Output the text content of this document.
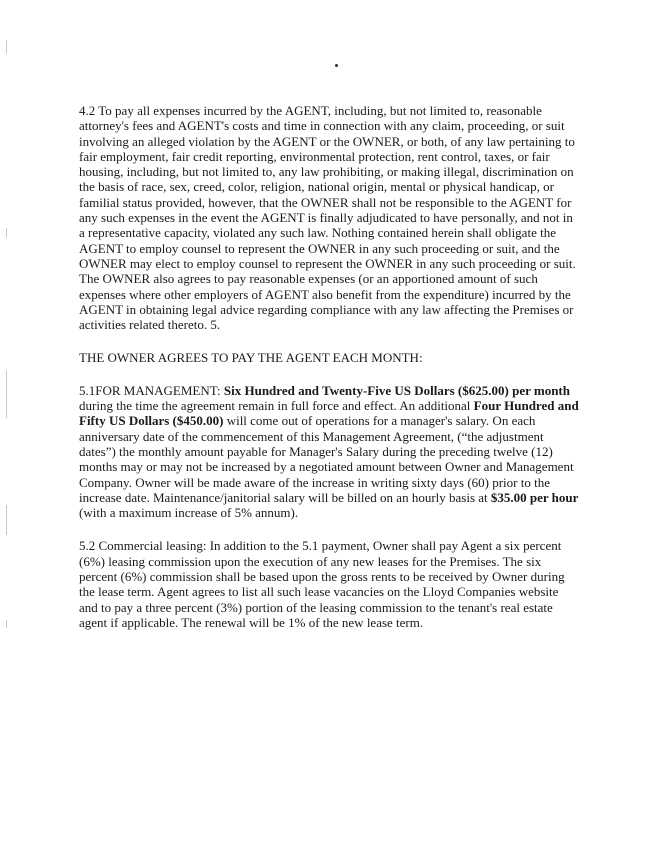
4.2 To pay all expenses incurred by the AGENT, including, but not limited to, reasonable attorney's fees and AGENT's costs and time in connection with any claim, proceeding, or suit involving an alleged violation by the AGENT or the OWNER, or both, of any law pertaining to fair employment, fair credit reporting, environmental protection, rent control, taxes, or fair housing, including, but not limited to, any law prohibiting, or making illegal, discrimination on the basis of race, sex, creed, color, religion, national origin, mental or physical handicap, or familial status provided, however, that the OWNER shall not be responsible to the AGENT for any such expenses in the event the AGENT is finally adjudicated to have personally, and not in a representative capacity, violated any such law. Nothing contained herein shall obligate the AGENT to employ counsel to represent the OWNER in any such proceeding or suit, and the OWNER may elect to employ counsel to represent the OWNER in any such proceeding or suit. The OWNER also agrees to pay reasonable expenses (or an apportioned amount of such expenses where other employers of AGENT also benefit from the expenditure) incurred by the AGENT in obtaining legal advice regarding compliance with any law affecting the Premises or activities related thereto. 5.

THE OWNER AGREES TO PAY THE AGENT EACH MONTH:

5.1FOR MANAGEMENT: Six Hundred and Twenty-Five US Dollars ($625.00) per month during the time the agreement remain in full force and effect. An additional Four Hundred and Fifty US Dollars ($450.00) will come out of operations for a manager's salary. On each anniversary date of the commencement of this Management Agreement, (“the adjustment dates”) the monthly amount payable for Manager's Salary during the preceding twelve (12) months may or may not be increased by a negotiated amount between Owner and Management Company. Owner will be made aware of the increase in writing sixty days (60) prior to the increase date. Maintenance/janitorial salary will be billed on an hourly basis at $35.00 per hour (with a maximum increase of 5% annum).

5.2 Commercial leasing: In addition to the 5.1 payment, Owner shall pay Agent a six percent (6%) leasing commission upon the execution of any new leases for the Premises. The six percent (6%) commission shall be based upon the gross rents to be received by Owner during the lease term. Agent agrees to list all such lease vacancies on the Lloyd Companies website and to pay a three percent (3%) portion of the leasing commission to the tenant's real estate agent if applicable. The renewal will be 1% of the new lease term.
